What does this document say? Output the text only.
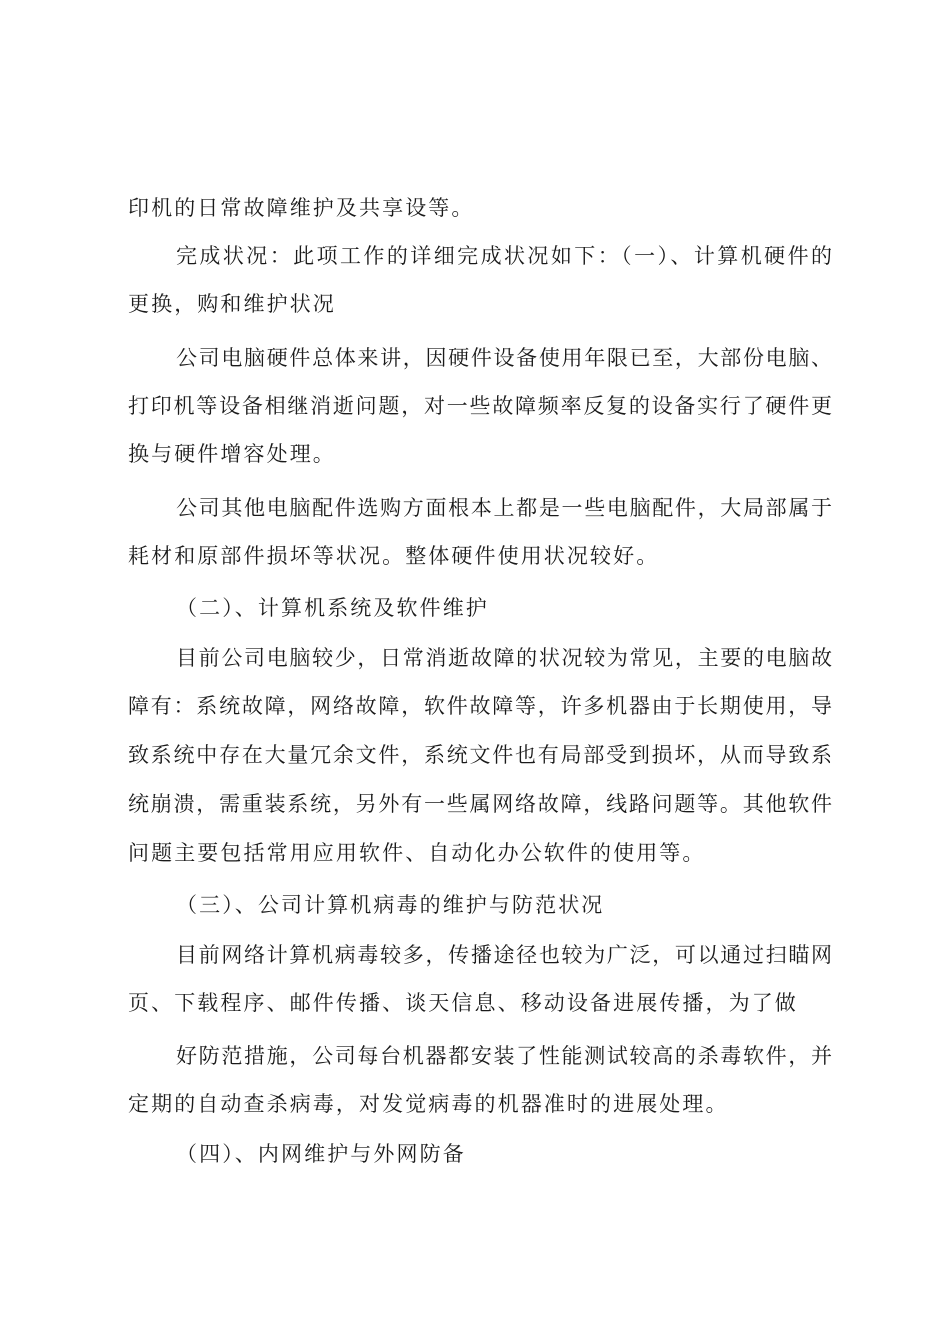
印机的日常故障维护及共享设等。
完成状况：此项工作的详细完成状况如下：（一）、计算机硬件的
更换，购和维护状况
公司电脑硬件总体来讲，因硬件设备使用年限已至，大部份电脑、
打印机等设备相继消逝问题，对一些故障频率反复的设备实行了硬件更
换与硬件增容处理。
公司其他电脑配件选购方面根本上都是一些电脑配件，大局部属于
耗材和原部件损坏等状况。整体硬件使用状况较好。
（二）、计算机系统及软件维护
目前公司电脑较少，日常消逝故障的状况较为常见，主要的电脑故
障有：系统故障，网络故障，软件故障等，许多机器由于长期使用，导
致系统中存在大量冗余文件，系统文件也有局部受到损坏，从而导致系
统崩溃，需重装系统，另外有一些属网络故障，线路问题等。其他软件
问题主要包括常用应用软件、自动化办公软件的使用等。
（三）、公司计算机病毒的维护与防范状况
目前网络计算机病毒较多，传播途径也较为广泛，可以通过扫瞄网
页、下载程序、邮件传播、谈天信息、移动设备进展传播，为了做
好防范措施，公司每台机器都安装了性能测试较高的杀毒软件，并
定期的自动查杀病毒，对发觉病毒的机器准时的进展处理。
（四）、内网维护与外网防备
